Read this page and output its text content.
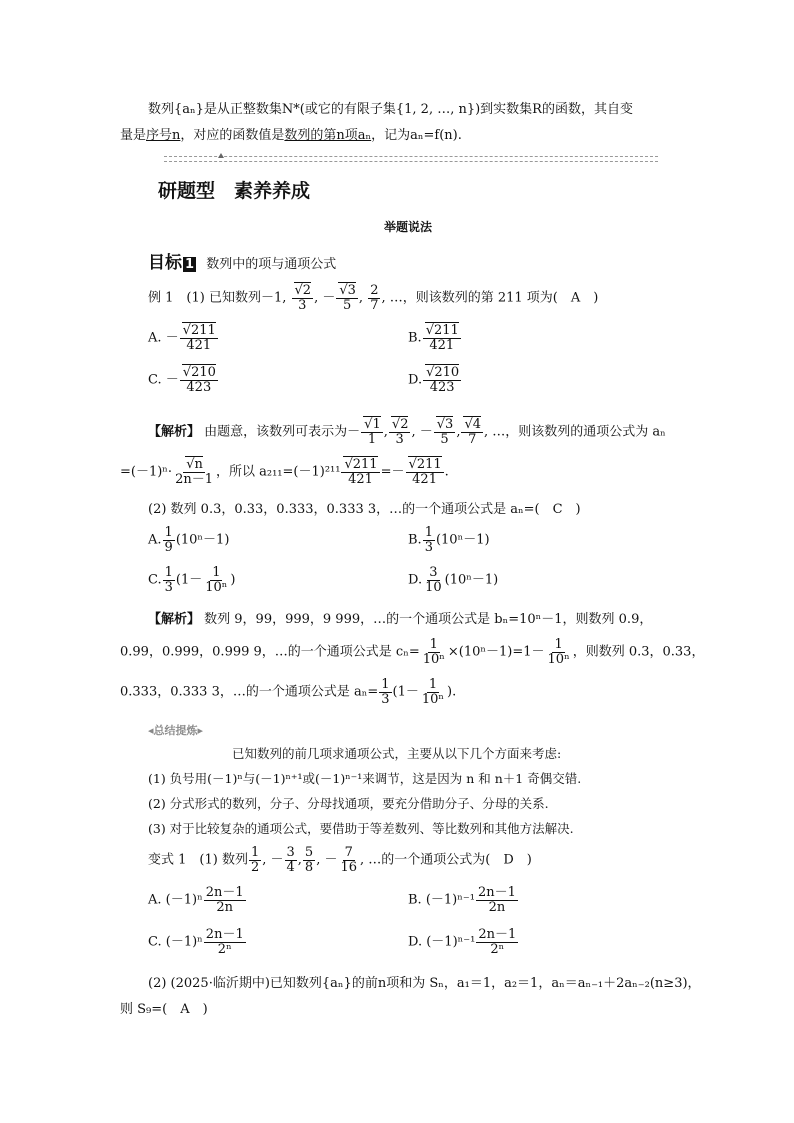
数列{aₙ}是从正整数集N*(或它的有限子集{1, 2, …, n})到实数集R的函数，其自变
量是序号n，对应的函数值是数列的第n项aₙ，记为aₙ=f(n).
研题型　素养养成
举题说法
目标 1 数列中的项与通项公式
例 1　(1) 已知数列－1, √ $\frac{2}{3}$ , － √ $\frac{3}{5}$ , $\frac{2}{7}$ , …，则该数列的第 211 项为(　A　)
A. － √ $\frac{211}{421}$	B. √ $\frac{211}{421}$
C. － √ $\frac{210}{423}$	D. √ $\frac{210}{423}$
【解析】 由题意，该数列可表示为－ √ $\frac{1}{1}$ , √ $\frac{2}{3}$ , － √ $\frac{3}{5}$ , √ $\frac{4}{7}$ , …，则该数列的通项公式为 aₙ
=(－1)ⁿ· √ $\frac{n}{2n-1}$ ，所以 a₂₁₁=(－1)²¹¹ √ $\frac{211}{421}$ =－ √ $\frac{211}{421}$ .
(2) 数列 0.3，0.33，0.333，0.333 3，…的一个通项公式是 aₙ=(　C　)
A. $\frac{1}{9} (10^n-1)$	B. $\frac{1}{3} (10^n-1)$
C. $\frac{1}{3} (1- \frac{1}{\text{10ⁿ}}$ )	D. $\frac{3}{10} (10^n-1)$
【解析】 数列 9，99，999，9 999，…的一个通项公式是 bₙ=10ⁿ－1，则数列 0.9，
0.99，0.999，0.999 9，…的一个通项公式是 $c_n= \frac{1}{\text{10ⁿ}} \times(10^n-1)=1- \frac{1}{\text{10ⁿ}}$ ，则数列 0.3，0.33，
0.333，0.333 3，…的一个通项公式是 $a_n= \frac{1}{3} (1- \frac{1}{\text{10ⁿ}}$ ).
◂总结提炼▸
已知数列的前几项求通项公式，主要从以下几个方面来考虑:
(1) 负号用(－1)ⁿ与(－1)ⁿ⁺¹或(－1)ⁿ⁻¹来调节，这是因为 n 和 n＋1 奇偶交错.
(2) 分式形式的数列，分子、分母找通项，要充分借助分子、分母的关系.
(3) 对于比较复杂的通项公式，要借助于等差数列、等比数列和其他方法解决.
变式 1　(1) 数列 $\frac{1}{2}$ , － $\frac{3}{4}$ , $\frac{5}{8}$ , － $\frac{7}{16}$ , …的一个通项公式为(　D　)
A. $(-1)^n \frac{2n-1}{2n}$	B. $(-1)^{n-1} \frac{2n-1}{2n}$
C. $(-1)^n \frac{2n-1}{\text{2ⁿ}}$	D. $(-1)^{n-1} \frac{2n-1}{\text{2ⁿ}}$
(2) (2025·临沂期中)已知数列{aₙ}的前n项和为 Sₙ，a₁＝1，a₂＝1，aₙ＝aₙ₋₁＋2aₙ₋₂(n≥3)，
则 S₉=(　A　)
